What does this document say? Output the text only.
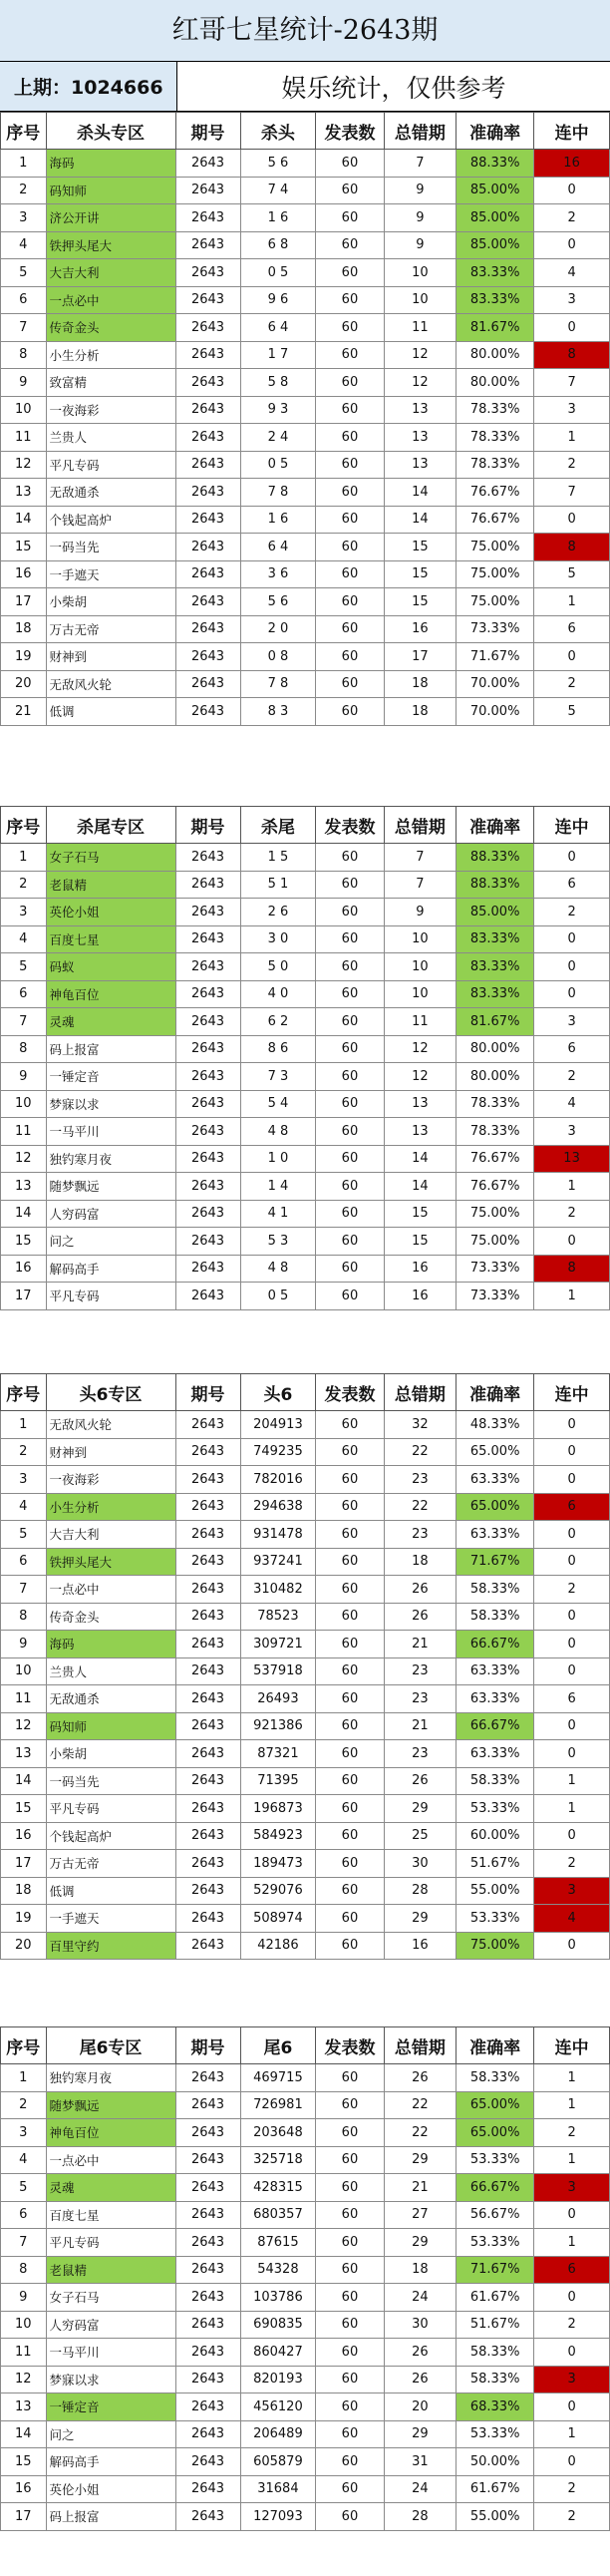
红哥七星统计-2643期
上期：1024666	娱乐统计，仅供参考
序号	杀头专区	期号	杀头	发表数	总错期	准确率	连中
1	海码	2643	5 6	60	7	88.33%	16
2	码知师	2643	7 4	60	9	85.00%	0
3	济公开讲	2643	1 6	60	9	85.00%	2
4	铁押头尾大	2643	6 8	60	9	85.00%	0
5	大吉大利	2643	0 5	60	10	83.33%	4
6	一点必中	2643	9 6	60	10	83.33%	3
7	传奇金头	2643	6 4	60	11	81.67%	0
8	小生分析	2643	1 7	60	12	80.00%	8
9	致富精	2643	5 8	60	12	80.00%	7
10	一夜海彩	2643	9 3	60	13	78.33%	3
11	兰贵人	2643	2 4	60	13	78.33%	1
12	平凡专码	2643	0 5	60	13	78.33%	2
13	无敌通杀	2643	7 8	60	14	76.67%	7
14	个钱起高炉	2643	1 6	60	14	76.67%	0
15	一码当先	2643	6 4	60	15	75.00%	8
16	一手遮天	2643	3 6	60	15	75.00%	5
17	小柴胡	2643	5 6	60	15	75.00%	1
18	万古无帝	2643	2 0	60	16	73.33%	6
19	财神到	2643	0 8	60	17	71.67%	0
20	无敌风火轮	2643	7 8	60	18	70.00%	2
21	低调	2643	8 3	60	18	70.00%	5
序号	杀尾专区	期号	杀尾	发表数	总错期	准确率	连中
1	女子石马	2643	1 5	60	7	88.33%	0
2	老鼠精	2643	5 1	60	7	88.33%	6
3	英伦小姐	2643	2 6	60	9	85.00%	2
4	百度七星	2643	3 0	60	10	83.33%	0
5	码蚁	2643	5 0	60	10	83.33%	0
6	神龟百位	2643	4 0	60	10	83.33%	0
7	灵魂	2643	6 2	60	11	81.67%	3
8	码上报富	2643	8 6	60	12	80.00%	6
9	一锤定音	2643	7 3	60	12	80.00%	2
10	梦寐以求	2643	5 4	60	13	78.33%	4
11	一马平川	2643	4 8	60	13	78.33%	3
12	独钓寒月夜	2643	1 0	60	14	76.67%	13
13	随梦飘远	2643	1 4	60	14	76.67%	1
14	人穷码富	2643	4 1	60	15	75.00%	2
15	问之	2643	5 3	60	15	75.00%	0
16	解码高手	2643	4 8	60	16	73.33%	8
17	平凡专码	2643	0 5	60	16	73.33%	1
序号	头6专区	期号	头6	发表数	总错期	准确率	连中
1	无敌风火轮	2643	204913	60	32	48.33%	0
2	财神到	2643	749235	60	22	65.00%	0
3	一夜海彩	2643	782016	60	23	63.33%	0
4	小生分析	2643	294638	60	22	65.00%	6
5	大吉大利	2643	931478	60	23	63.33%	0
6	铁押头尾大	2643	937241	60	18	71.67%	0
7	一点必中	2643	310482	60	26	58.33%	2
8	传奇金头	2643	78523	60	26	58.33%	0
9	海码	2643	309721	60	21	66.67%	0
10	兰贵人	2643	537918	60	23	63.33%	0
11	无敌通杀	2643	26493	60	23	63.33%	6
12	码知师	2643	921386	60	21	66.67%	0
13	小柴胡	2643	87321	60	23	63.33%	0
14	一码当先	2643	71395	60	26	58.33%	1
15	平凡专码	2643	196873	60	29	53.33%	1
16	个钱起高炉	2643	584923	60	25	60.00%	0
17	万古无帝	2643	189473	60	30	51.67%	2
18	低调	2643	529076	60	28	55.00%	3
19	一手遮天	2643	508974	60	29	53.33%	4
20	百里守约	2643	42186	60	16	75.00%	0
序号	尾6专区	期号	尾6	发表数	总错期	准确率	连中
1	独钓寒月夜	2643	469715	60	26	58.33%	1
2	随梦飘远	2643	726981	60	22	65.00%	1
3	神龟百位	2643	203648	60	22	65.00%	2
4	一点必中	2643	325718	60	29	53.33%	1
5	灵魂	2643	428315	60	21	66.67%	3
6	百度七星	2643	680357	60	27	56.67%	0
7	平凡专码	2643	87615	60	29	53.33%	1
8	老鼠精	2643	54328	60	18	71.67%	6
9	女子石马	2643	103786	60	24	61.67%	0
10	人穷码富	2643	690835	60	30	51.67%	2
11	一马平川	2643	860427	60	26	58.33%	0
12	梦寐以求	2643	820193	60	26	58.33%	3
13	一锤定音	2643	456120	60	20	68.33%	0
14	问之	2643	206489	60	29	53.33%	1
15	解码高手	2643	605879	60	31	50.00%	0
16	英伦小姐	2643	31684	60	24	61.67%	2
17	码上报富	2643	127093	60	28	55.00%	2
